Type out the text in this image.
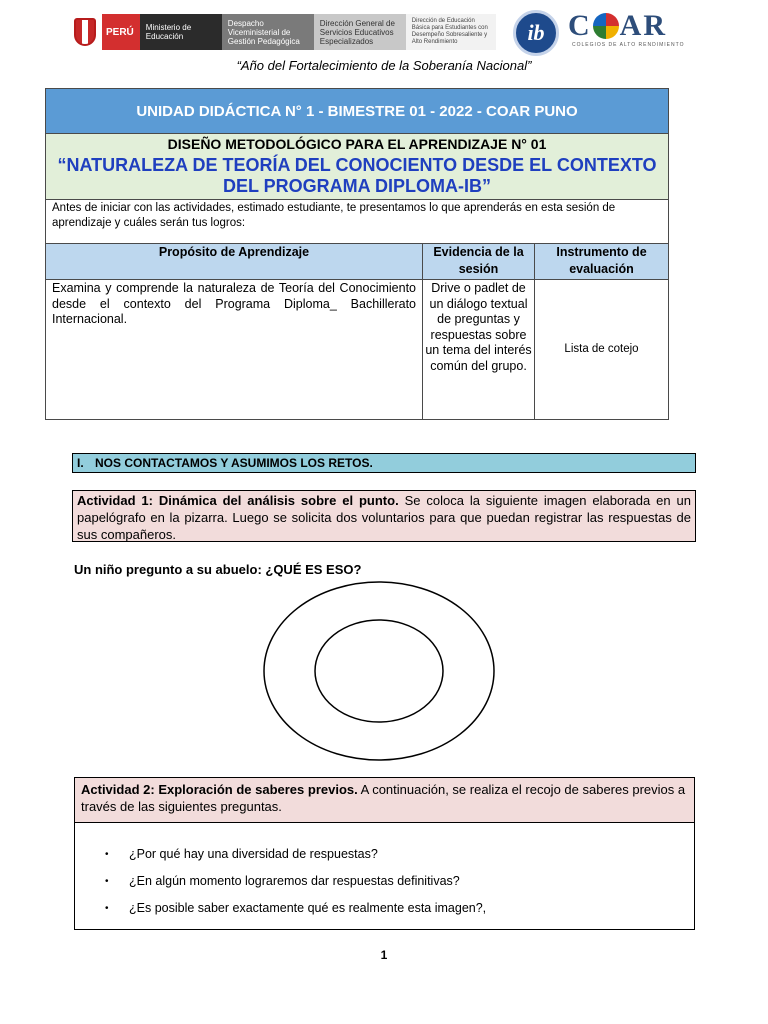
PERÚ	Ministerio de Educación
Despacho Viceministerial de Gestión Pedagógica
Dirección General de Servicios Educativos Especializados
Dirección de Educación Básica para Estudiantes con Desempeño Sobresaliente y Alto Rendimiento	ib C AR
COLEGIOS DE ALTO RENDIMIENTO
“Año del Fortalecimiento de la Soberanía Nacional”
UNIDAD DIDÁCTICA N° 1 - BIMESTRE 01 - 2022 - COAR PUNO		

DISEÑO METODOLÓGICO PARA EL APRENDIZAJE N° 01
“NATURALEZA DE TEORÍA DEL CONOCIENTO DESDE EL CONTEXTO DEL PROGRAMA DIPLOMA-IB”		

Antes de iniciar con las actividades, estimado estudiante, te presentamos lo que aprenderás en esta sesión de aprendizaje y cuáles serán tus logros:		
Propósito de Aprendizaje	Evidencia de la sesión	Instrumento de evaluación
Examina y comprende la naturaleza de Teoría del Conocimiento desde el contexto del Programa Diploma_ Bachillerato Internacional.	Drive o padlet de un diálogo textual de preguntas y respuestas sobre un tema del interés común del grupo.	Lista de cotejo
I. NOS CONTACTAMOS Y ASUMIMOS LOS RETOS.
Actividad 1: Dinámica del análisis sobre el punto. Se coloca la siguiente imagen elaborada en un papelógrafo en la pizarra. Luego se solicita dos voluntarios para que puedan registrar las respuestas de sus compañeros.
Un niño pregunto a su abuelo: ¿QUÉ ES ESO?
Actividad 2: Exploración de saberes previos. A continuación, se realiza el recojo de saberes previos a través de las siguientes preguntas.
•	¿Por qué hay una diversidad de respuestas?
•	¿En algún momento lograremos dar respuestas definitivas?
•	¿Es posible saber exactamente qué es realmente esta imagen?,
1
